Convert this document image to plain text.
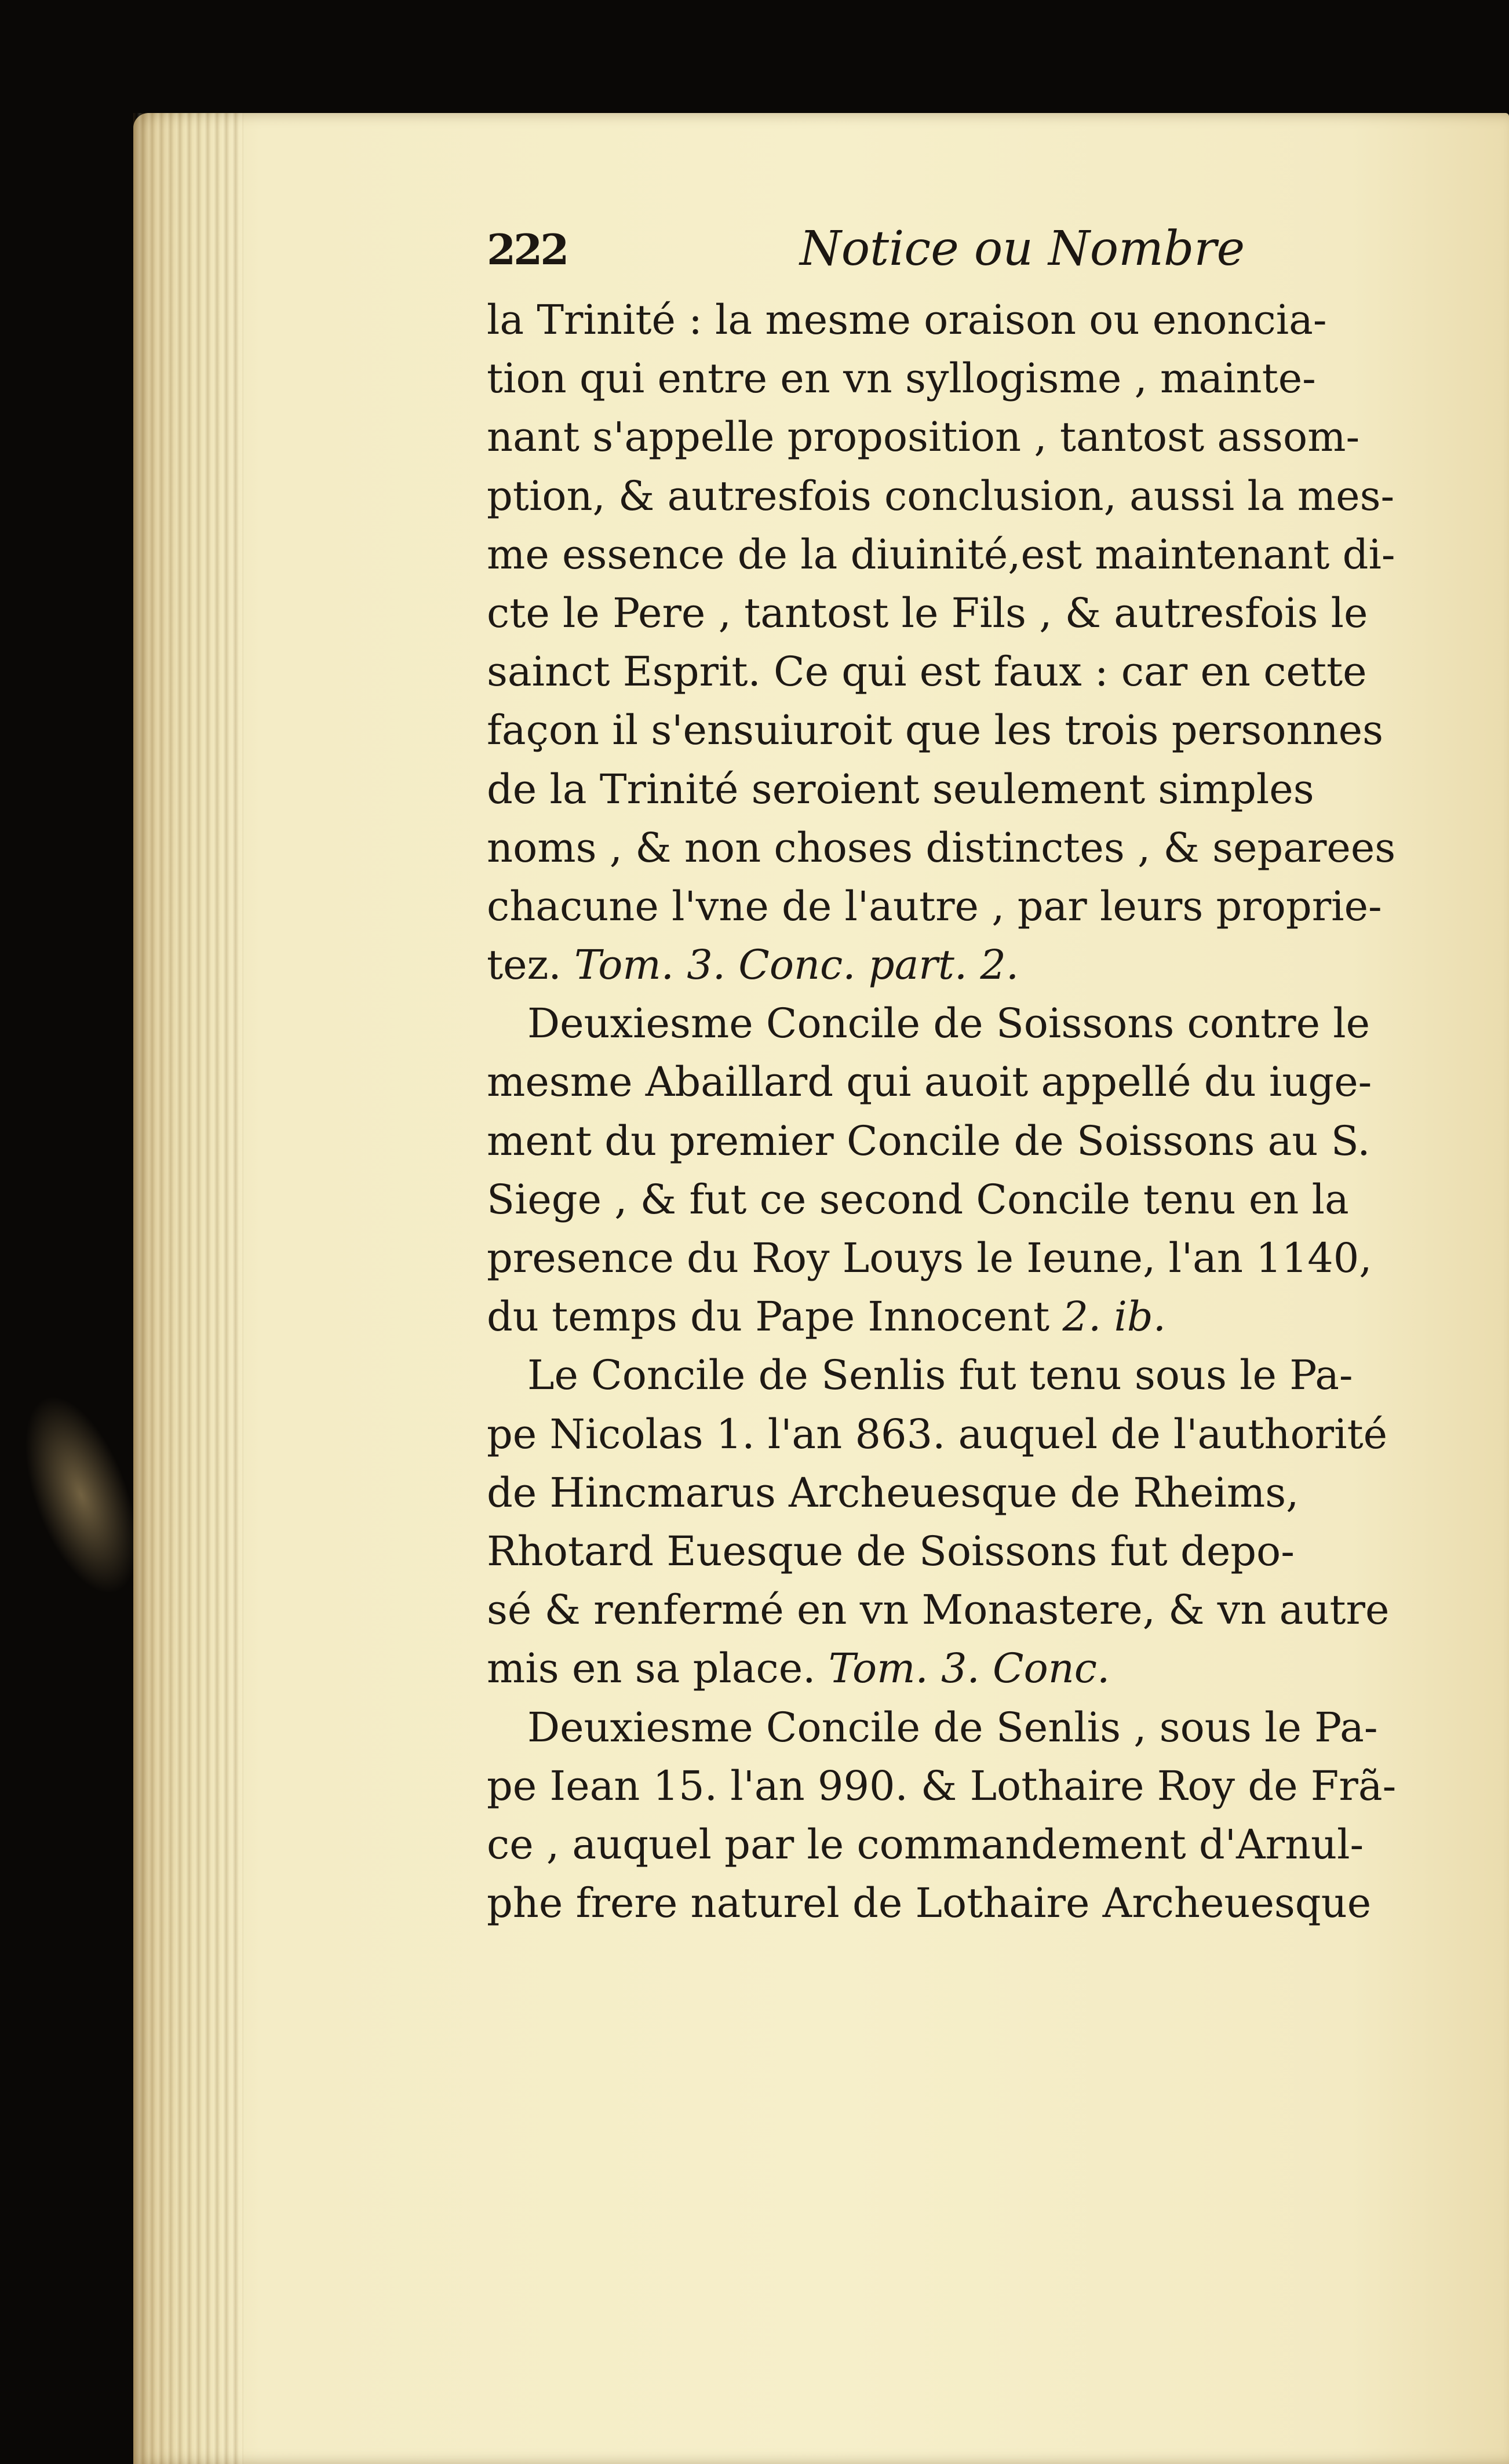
222	Notice ou Nombre
la Trinité : la mesme oraison ou enoncia-
tion qui entre en vn syllogisme , mainte-
nant s'appelle proposition , tantost assom-
ption, & autresfois conclusion, aussi la mes-
me essence de la diuinité,est maintenant di-
cte le Pere , tantost le Fils , & autresfois le
sainct Esprit. Ce qui est faux : car en cette
façon il s'ensuiuroit que les trois personnes
de la Trinité seroient seulement simples
noms , & non choses distinctes , & separees
chacune l'vne de l'autre , par leurs proprie-
tez. Tom. 3. Conc. part. 2.
Deuxiesme Concile de Soissons contre le
mesme Abaillard qui auoit appellé du iuge-
ment du premier Concile de Soissons au S.
Siege , & fut ce second Concile tenu en la
presence du Roy Louys le Ieune, l'an 1140,
du temps du Pape Innocent 2. ib.
Le Concile de Senlis fut tenu sous le Pa-
pe Nicolas 1. l'an 863. auquel de l'authorité
de Hincmarus Archeuesque de Rheims,
Rhotard Euesque de Soissons fut depo-
sé & renfermé en vn Monastere, & vn autre
mis en sa place. Tom. 3. Conc.
Deuxiesme Concile de Senlis , sous le Pa-
pe Iean 15. l'an 990. & Lothaire Roy de Frã-
ce , auquel par le commandement d'Arnul-
phe frere naturel de Lothaire Archeuesque
